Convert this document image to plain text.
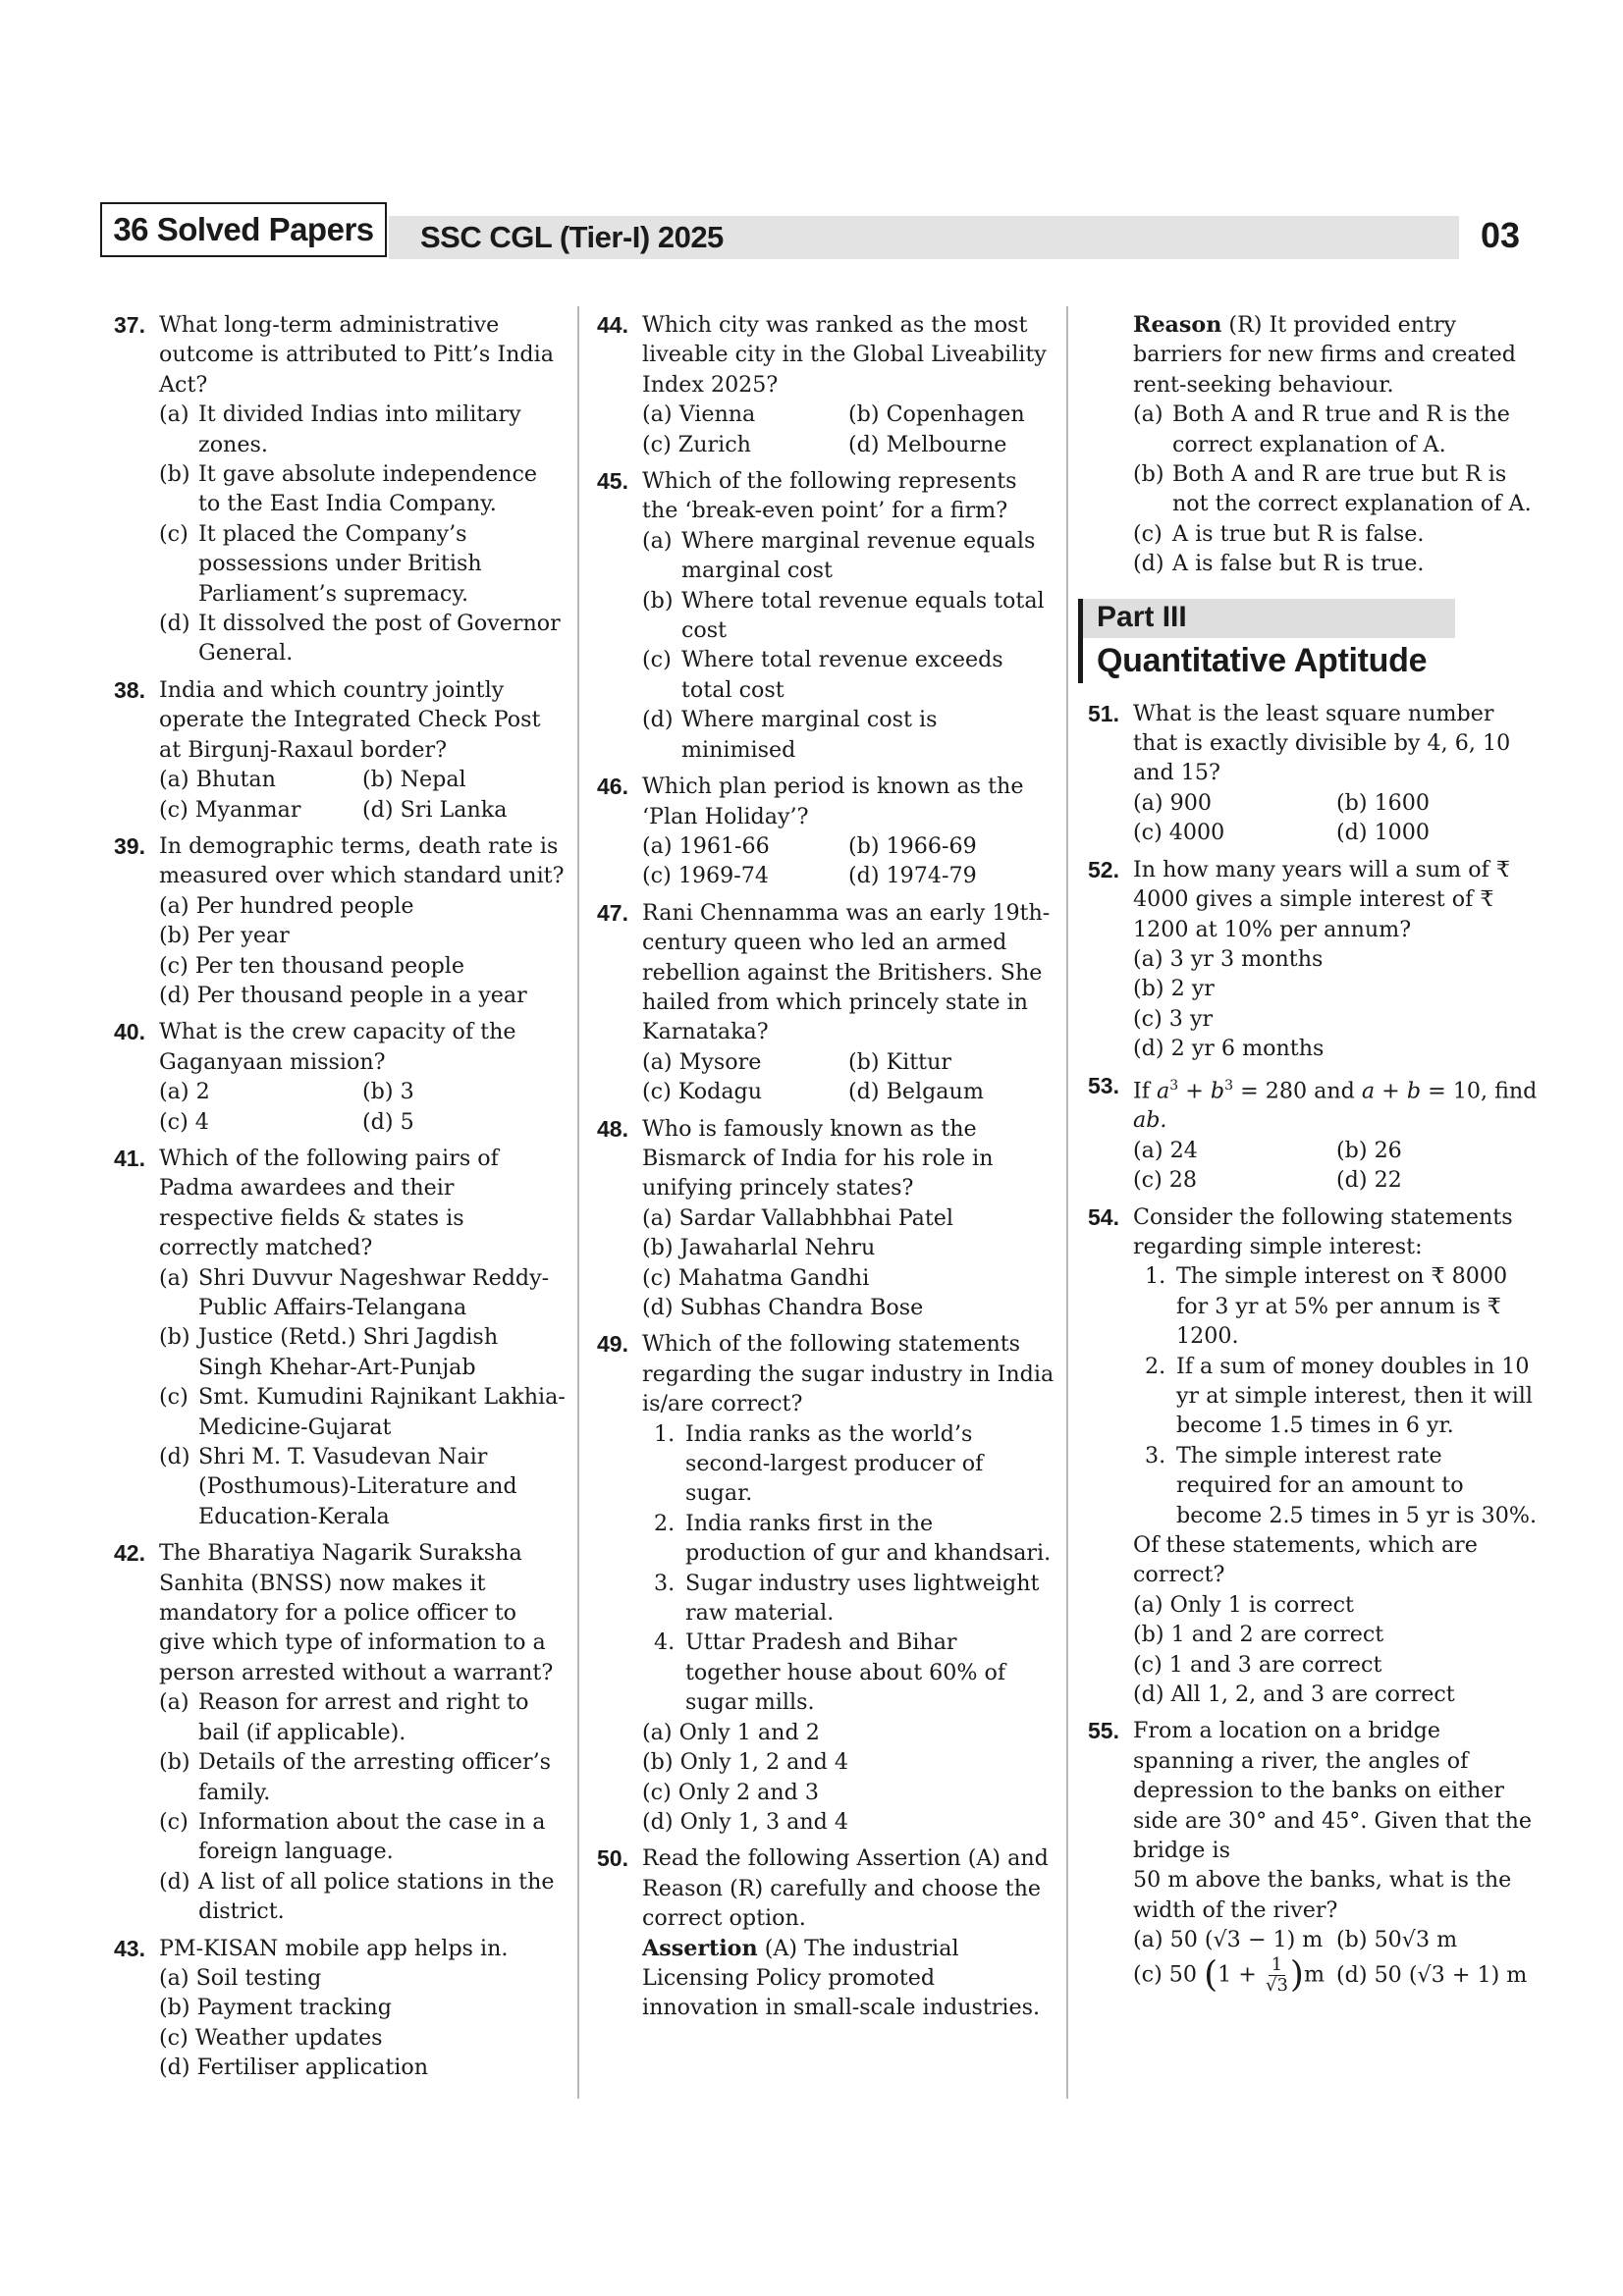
36 Solved Papers	SSC CGL (Tier-I) 2025	03
37. What long-term administrative outcome is attributed to Pitt’s India Act?
(a) It divided Indias into military zones.
(b) It gave absolute independence to the East India Company.
(c) It placed the Company’s possessions under British Parliament’s supremacy.
(d) It dissolved the post of Governor General.
38. India and which country jointly operate the Integrated Check Post at Birgunj-Raxaul border?
(a) Bhutan	(b) Nepal
(c) Myanmar	(d) Sri Lanka
39. In demographic terms, death rate is measured over which standard unit?
(a) Per hundred people
(b) Per year
(c) Per ten thousand people
(d) Per thousand people in a year
40. What is the crew capacity of the Gaganyaan mission?
(a) 2	(b) 3
(c) 4	(d) 5
41. Which of the following pairs of Padma awardees and their respective fields & states is correctly matched?
(a) Shri Duvvur Nageshwar Reddy-Public Affairs-Telangana
(b) Justice (Retd.) Shri Jagdish Singh Khehar-Art-Punjab
(c) Smt. Kumudini Rajnikant Lakhia-Medicine-Gujarat
(d) Shri M. T. Vasudevan Nair (Posthumous)-Literature and Education-Kerala
42. The Bharatiya Nagarik Suraksha Sanhita (BNSS) now makes it mandatory for a police officer to give which type of information to a person arrested without a warrant?
(a) Reason for arrest and right to bail (if applicable).
(b) Details of the arresting officer’s family.
(c) Information about the case in a foreign language.
(d) A list of all police stations in the district.
43. PM-KISAN mobile app helps in.
(a) Soil testing
(b) Payment tracking
(c) Weather updates
(d) Fertiliser application
44. Which city was ranked as the most liveable city in the Global Liveability Index 2025?
(a) Vienna	(b) Copenhagen
(c) Zurich	(d) Melbourne
45. Which of the following represents the ‘break-even point’ for a firm?
(a) Where marginal revenue equals marginal cost
(b) Where total revenue equals total cost
(c) Where total revenue exceeds total cost
(d) Where marginal cost is minimised
46. Which plan period is known as the ‘Plan Holiday’?
(a) 1961-66	(b) 1966-69
(c) 1969-74	(d) 1974-79
47. Rani Chennamma was an early 19th-century queen who led an armed rebellion against the Britishers. She hailed from which princely state in Karnataka?
(a) Mysore	(b) Kittur
(c) Kodagu	(d) Belgaum
48. Who is famously known as the Bismarck of India for his role in unifying princely states?
(a) Sardar Vallabhbhai Patel
(b) Jawaharlal Nehru
(c) Mahatma Gandhi
(d) Subhas Chandra Bose
49. Which of the following statements regarding the sugar industry in India is/are correct?
1. India ranks as the world’s second-largest producer of sugar.
2. India ranks first in the production of gur and khandsari.
3. Sugar industry uses lightweight raw material.
4. Uttar Pradesh and Bihar together house about 60% of sugar mills.
(a) Only 1 and 2
(b) Only 1, 2 and 4
(c) Only 2 and 3
(d) Only 1, 3 and 4
50. Read the following Assertion (A) and Reason (R) carefully and choose the correct option.
Assertion (A) The industrial Licensing Policy promoted innovation in small-scale industries.
Reason (R) It provided entry barriers for new firms and created rent-seeking behaviour.
(a) Both A and R true and R is the correct explanation of A.
(b) Both A and R are true but R is not the correct explanation of A.
(c) A is true but R is false.
(d) A is false but R is true.
Part III
Quantitative Aptitude
51. What is the least square number that is exactly divisible by 4, 6, 10 and 15?
(a) 900	(b) 1600
(c) 4000	(d) 1000
52. In how many years will a sum of ₹ 4000 gives a simple interest of ₹ 1200 at 10% per annum?
(a) 3 yr 3 months
(b) 2 yr
(c) 3 yr
(d) 2 yr 6 months
53. If $a^3 + b^3 = 280$ and a + b = 10, find
ab.
(a) 24	(b) 26
(c) 28	(d) 22
54. Consider the following statements regarding simple interest:
1. The simple interest on ₹ 8000 for 3 yr at 5% per annum is ₹ 1200.
2. If a sum of money doubles in 10 yr at simple interest, then it will become 1.5 times in 6 yr.
3. The simple interest rate required for an amount to become 2.5 times in 5 yr is 30%.
Of these statements, which are correct?
(a) Only 1 is correct
(b) 1 and 2 are correct
(c) 1 and 3 are correct
(d) All 1, 2, and 3 are correct
55. From a location on a bridge spanning a river, the angles of depression to the banks on either side are 30° and 45°. Given that the bridge is
50 m above the banks, what is the width of the river?
(a) 50 (√3 − 1) m (b) 50√3 m
(c) 50 $(1 + \frac{1}{√3} )m$ (d) 50 (√3 + 1) m
